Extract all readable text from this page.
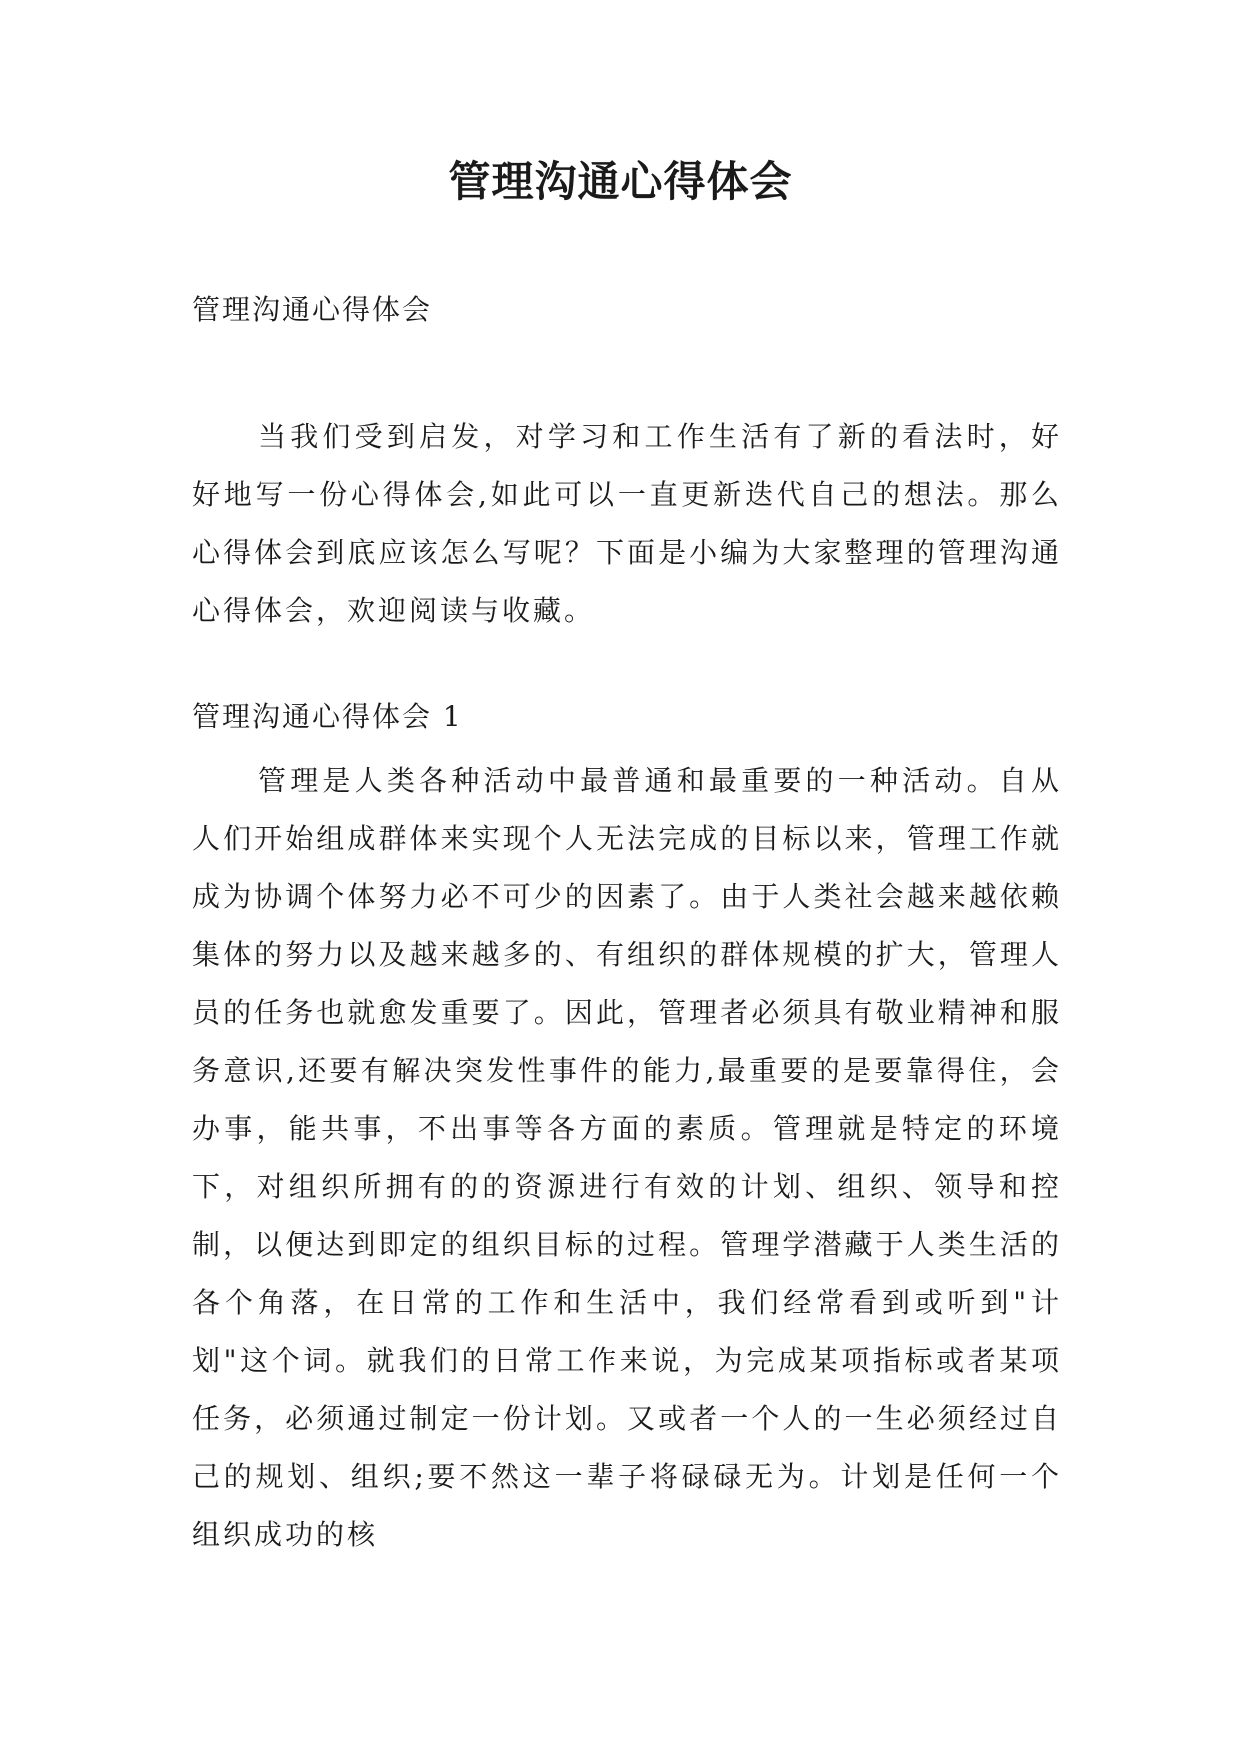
管理沟通心得体会

管理沟通心得体会

当我们受到启发，对学习和工作生活有了新的看法时，好好地写一份心得体会,如此可以一直更新迭代自己的想法。那么心得体会到底应该怎么写呢？下面是小编为大家整理的管理沟通心得体会，欢迎阅读与收藏。

管理沟通心得体会 1

管理是人类各种活动中最普通和最重要的一种活动。自从人们开始组成群体来实现个人无法完成的目标以来，管理工作就成为协调个体努力必不可少的因素了。由于人类社会越来越依赖集体的努力以及越来越多的、有组织的群体规模的扩大，管理人员的任务也就愈发重要了。因此，管理者必须具有敬业精神和服务意识,还要有解决突发性事件的能力,最重要的是要靠得住，会办事，能共事，不出事等各方面的素质。管理就是特定的环境下，对组织所拥有的的资源进行有效的计划、组织、领导和控制，以便达到即定的组织目标的过程。管理学潜藏于人类生活的各个角落，在日常的工作和生活中，我们经常看到或听到"计划"这个词。就我们的日常工作来说，为完成某项指标或者某项任务，必须通过制定一份计划。又或者一个人的一生必须经过自己的规划、组织;要不然这一辈子将碌碌无为。计划是任何一个组织成功的核
